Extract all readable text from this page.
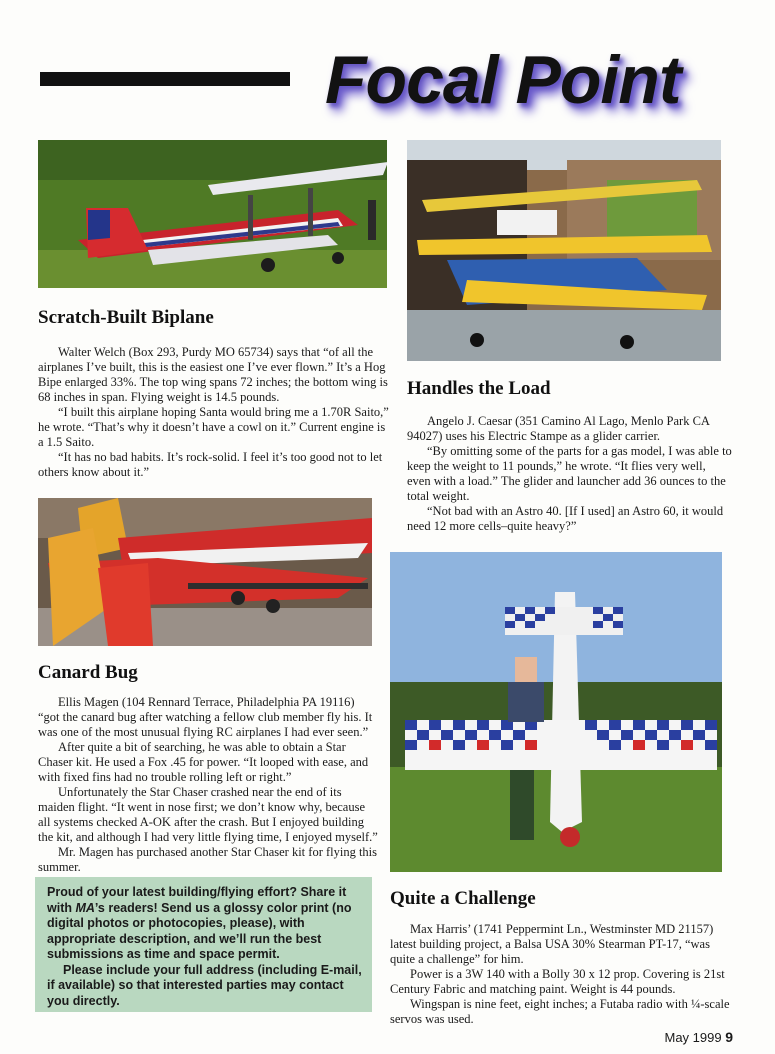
Focal Point
Scratch-Built Biplane

Walter Welch (Box 293, Purdy MO 65734) says that “of all the airplanes I’ve built, this is the easiest one I’ve ever flown.” It’s a Hog Bipe enlarged 33%. The top wing spans 72 inches; the bottom wing is 68 inches in span. Flying weight is 14.5 pounds.

“I built this airplane hoping Santa would bring me a 1.70R Saito,” he wrote. “That’s why it doesn’t have a cowl on it.” Current engine is a 1.5 Saito.

“It has no bad habits. It’s rock-solid. I feel it’s too good not to let others know about it.”

Handles the Load

Angelo J. Caesar (351 Camino Al Lago, Menlo Park CA 94027) uses his Electric Stampe as a glider carrier.

“By omitting some of the parts for a gas model, I was able to keep the weight to 11 pounds,” he wrote. “It flies very well, even with a load.” The glider and launcher add 36 ounces to the total weight.

“Not bad with an Astro 40. [If I used] an Astro 60, it would need 12 more cells–quite heavy?”

Canard Bug

Ellis Magen (104 Rennard Terrace, Philadelphia PA 19116) “got the canard bug after watching a fellow club member fly his. It was one of the most unusual flying RC airplanes I had ever seen.”

After quite a bit of searching, he was able to obtain a Star Chaser kit. He used a Fox .45 for power. “It looped with ease, and with fixed fins had no trouble rolling left or right.”

Unfortunately the Star Chaser crashed near the end of its maiden flight. “It went in nose first; we don’t know why, because all systems checked A-OK after the crash. But I enjoyed building the kit, and although I had very little flying time, I enjoyed myself.”

Mr. Magen has purchased another Star Chaser kit for flying this summer.

Quite a Challenge

Max Harris’ (1741 Peppermint Ln., Westminster MD 21157) latest building project, a Balsa USA 30% Stearman PT-17, “was quite a challenge” for him.

Power is a 3W 140 with a Bolly 30 x 12 prop. Covering is 21st Century Fabric and matching paint. Weight is 44 pounds.

Wingspan is nine feet, eight inches; a Futaba radio with ¼-scale servos was used.

Proud of your latest building/flying effort? Share it with MA’s readers! Send us a glossy color print (no digital photos or photocopies, please), with appropriate description, and we’ll run the best submissions as time and space permit.

Please include your full address (including E-mail, if available) so that interested parties may contact you directly.

May 1999 9
